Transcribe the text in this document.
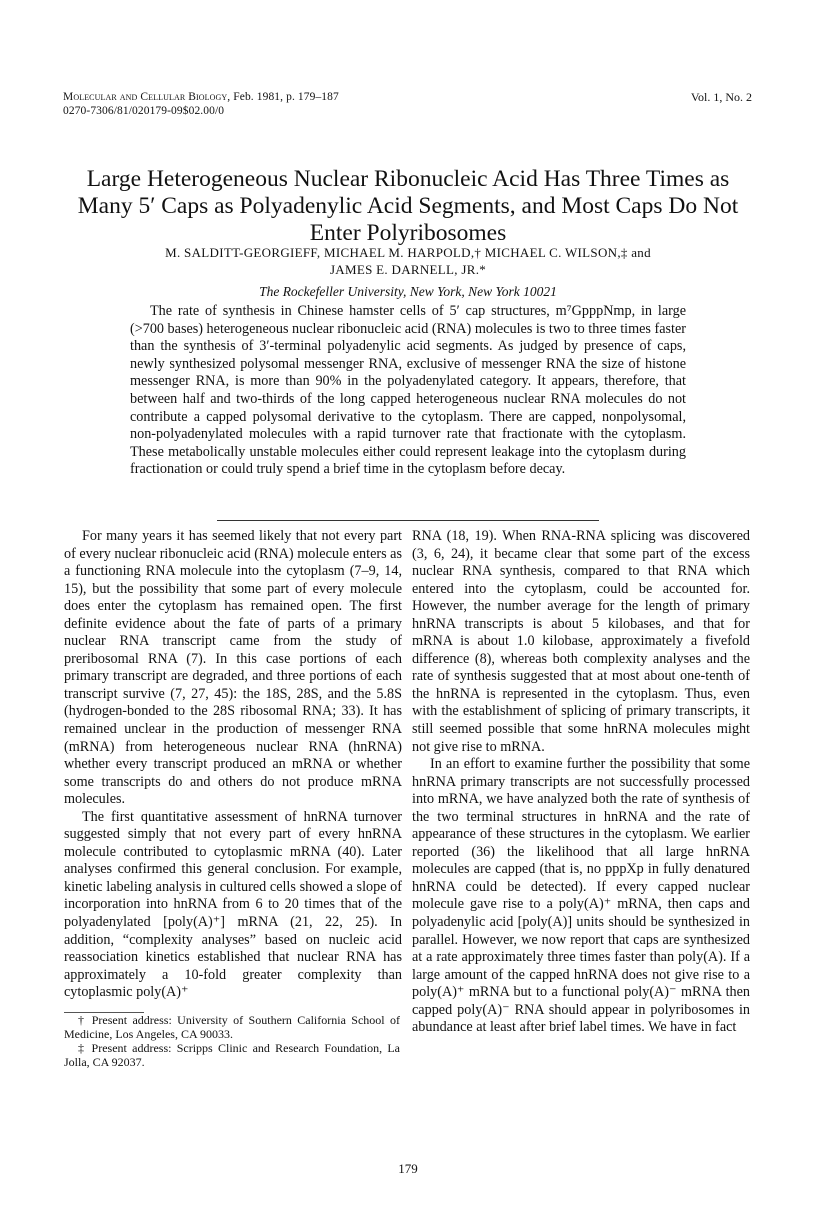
Molecular and Cellular Biology, Feb. 1981, p. 179–187
0270-7306/81/020179-09$02.00/0
Vol. 1, No. 2
Large Heterogeneous Nuclear Ribonucleic Acid Has Three Times as Many 5′ Caps as Polyadenylic Acid Segments, and Most Caps Do Not Enter Polyribosomes
M. SALDITT-GEORGIEFF, MICHAEL M. HARPOLD,† MICHAEL C. WILSON,‡ and
JAMES E. DARNELL, JR.*
The Rockefeller University, New York, New York 10021

The rate of synthesis in Chinese hamster cells of 5′ cap structures, m⁷GpppNmp, in large (>700 bases) heterogeneous nuclear ribonucleic acid (RNA) molecules is two to three times faster than the synthesis of 3′-terminal polyadenylic acid segments. As judged by presence of caps, newly synthesized polysomal messenger RNA, exclusive of messenger RNA the size of histone messenger RNA, is more than 90% in the polyadenylated category. It appears, therefore, that between half and two-thirds of the long capped heterogeneous nuclear RNA molecules do not contribute a capped polysomal derivative to the cytoplasm. There are capped, nonpolysomal, non-polyadenylated molecules with a rapid turnover rate that fractionate with the cytoplasm. These metabolically unstable molecules either could represent leakage into the cytoplasm during fractionation or could truly spend a brief time in the cytoplasm before decay.

For many years it has seemed likely that not every part of every nuclear ribonucleic acid (RNA) molecule enters as a functioning RNA molecule into the cytoplasm (7–9, 14, 15), but the possibility that some part of every molecule does enter the cytoplasm has remained open. The first definite evidence about the fate of parts of a primary nuclear RNA transcript came from the study of preribosomal RNA (7). In this case portions of each primary transcript are degraded, and three portions of each transcript survive (7, 27, 45): the 18S, 28S, and the 5.8S (hydrogen-bonded to the 28S ribosomal RNA; 33). It has remained unclear in the production of messenger RNA (mRNA) from heterogeneous nuclear RNA (hnRNA) whether every transcript produced an mRNA or whether some transcripts do and others do not produce mRNA molecules.

The first quantitative assessment of hnRNA turnover suggested simply that not every part of every hnRNA molecule contributed to cytoplasmic mRNA (40). Later analyses confirmed this general conclusion. For example, kinetic labeling analysis in cultured cells showed a slope of incorporation into hnRNA from 6 to 20 times that of the polyadenylated [poly(A)⁺] mRNA (21, 22, 25). In addition, “complexity analyses” based on nucleic acid reassociation kinetics established that nuclear RNA has approximately a 10-fold greater complexity than cytoplasmic poly(A)⁺

RNA (18, 19). When RNA-RNA splicing was discovered (3, 6, 24), it became clear that some part of the excess nuclear RNA synthesis, compared to that RNA which entered into the cytoplasm, could be accounted for. However, the number average for the length of primary hnRNA transcripts is about 5 kilobases, and that for mRNA is about 1.0 kilobase, approximately a fivefold difference (8), whereas both complexity analyses and the rate of synthesis suggested that at most about one-tenth of the hnRNA is represented in the cytoplasm. Thus, even with the establishment of splicing of primary transcripts, it still seemed possible that some hnRNA molecules might not give rise to mRNA.

In an effort to examine further the possibility that some hnRNA primary transcripts are not successfully processed into mRNA, we have analyzed both the rate of synthesis of the two terminal structures in hnRNA and the rate of appearance of these structures in the cytoplasm. We earlier reported (36) the likelihood that all large hnRNA molecules are capped (that is, no pppXp in fully denatured hnRNA could be detected). If every capped nuclear molecule gave rise to a poly(A)⁺ mRNA, then caps and polyadenylic acid [poly(A)] units should be synthesized in parallel. However, we now report that caps are synthesized at a rate approximately three times faster than poly(A). If a large amount of the capped hnRNA does not give rise to a poly(A)⁺ mRNA but to a functional poly(A)⁻ mRNA then capped poly(A)⁻ RNA should appear in polyribosomes in abundance at least after brief label times. We have in fact

† Present address: University of Southern California School of Medicine, Los Angeles, CA 90033.

‡ Present address: Scripps Clinic and Research Foundation, La Jolla, CA 92037.

179
